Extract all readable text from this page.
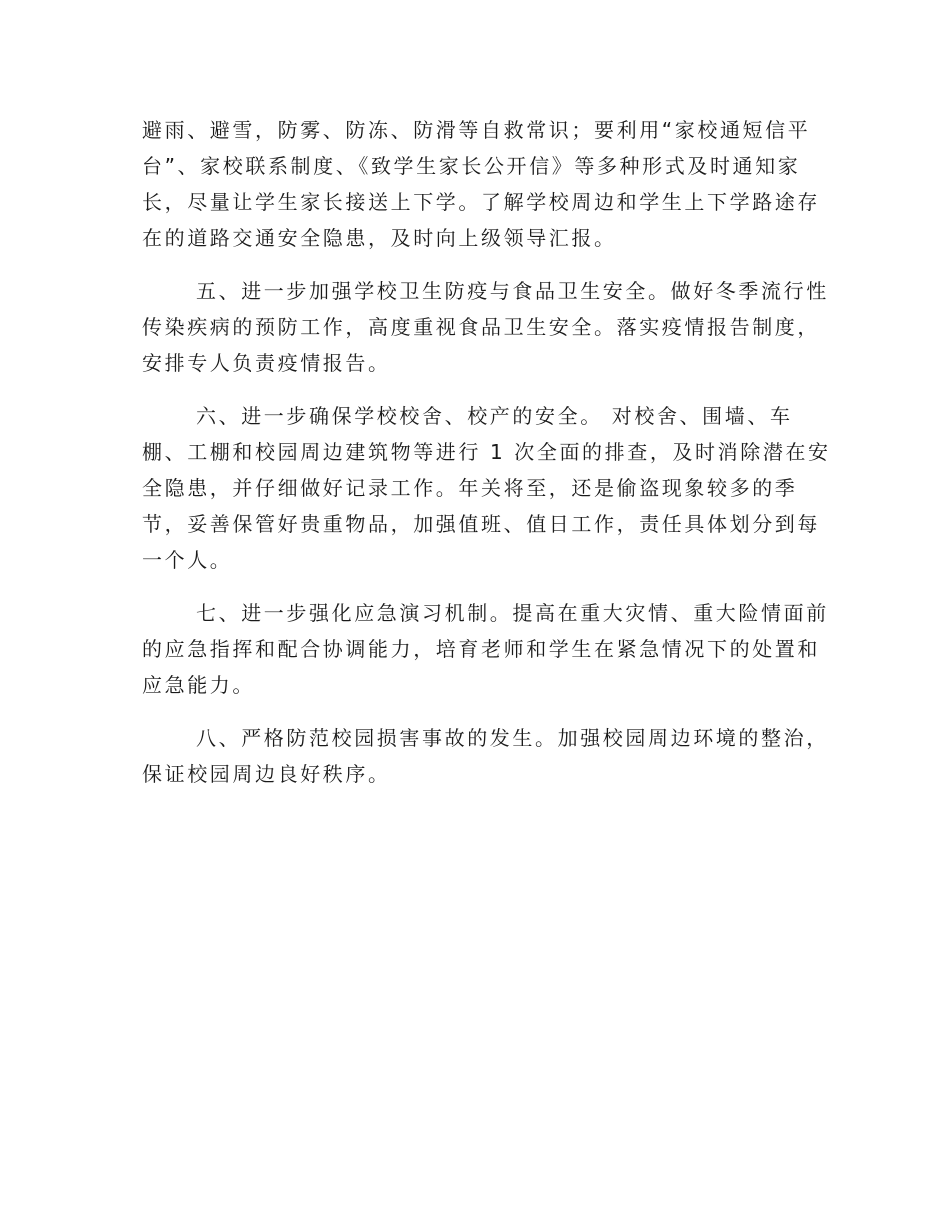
避雨、避雪，防雾、防冻、防滑等自救常识；要利用“家校通短信平
台”、家校联系制度、《致学生家长公开信》等多种形式及时通知家
长，尽量让学生家长接送上下学。了解学校周边和学生上下学路途存
在的道路交通安全隐患，及时向上级领导汇报。

五、进一步加强学校卫生防疫与食品卫生安全。做好冬季流行性
传染疾病的预防工作，高度重视食品卫生安全。落实疫情报告制度，
安排专人负责疫情报告。

六、进一步确保学校校舍、校产的安全。 对校舍、围墙、车
棚、工棚和校园周边建筑物等进行 1 次全面的排查，及时消除潜在安
全隐患，并仔细做好记录工作。年关将至，还是偷盗现象较多的季
节，妥善保管好贵重物品，加强值班、值日工作，责任具体划分到每
一个人。

七、进一步强化应急演习机制。提高在重大灾情、重大险情面前
的应急指挥和配合协调能力，培育老师和学生在紧急情况下的处置和
应急能力。

八、严格防范校园损害事故的发生。加强校园周边环境的整治，
保证校园周边良好秩序。
